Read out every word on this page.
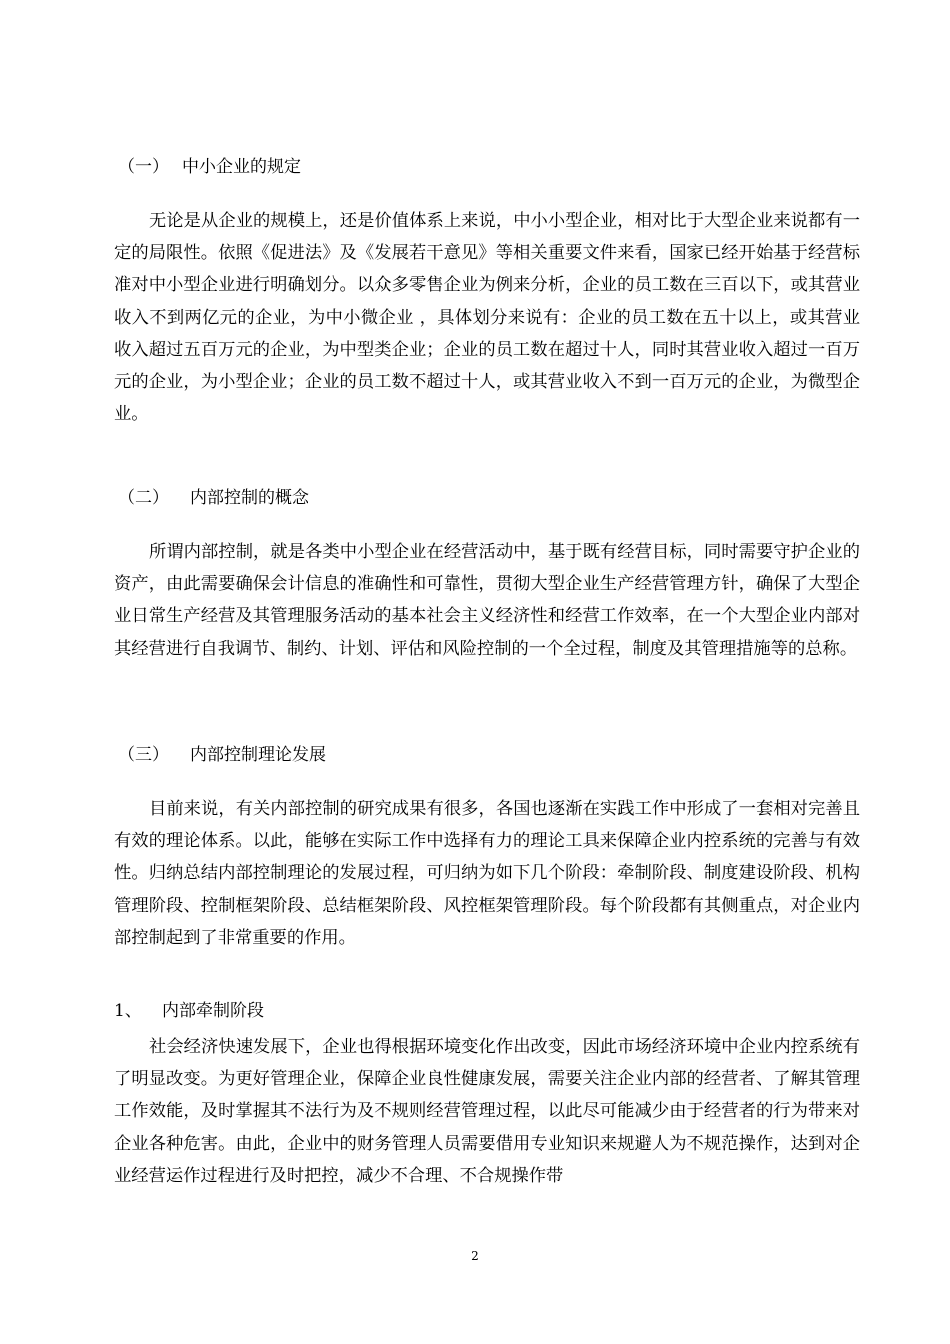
（一） 中小企业的规定
无论是从企业的规模上，还是价值体系上来说，中小小型企业，相对比于大型企业来说都有一定的局限性。依照《促进法》及《发展若干意见》等相关重要文件来看，国家已经开始基于经营标准对中小型企业进行明确划分。以众多零售企业为例来分析，企业的员工数在三百以下，或其营业收入不到两亿元的企业，为中小微企业 ，具体划分来说有：企业的员工数在五十以上，或其营业收入超过五百万元的企业，为中型类企业；企业的员工数在超过十人，同时其营业收入超过一百万元的企业，为小型企业；企业的员工数不超过十人，或其营业收入不到一百万元的企业，为微型企业。
（二） 内部控制的概念
所谓内部控制，就是各类中小型企业在经营活动中，基于既有经营目标，同时需要守护企业的资产，由此需要确保会计信息的准确性和可靠性，贯彻大型企业生产经营管理方针，确保了大型企业日常生产经营及其管理服务活动的基本社会主义经济性和经营工作效率，在一个大型企业内部对其经营进行自我调节、制约、计划、评估和风险控制的一个全过程，制度及其管理措施等的总称。
（三） 内部控制理论发展
目前来说，有关内部控制的研究成果有很多，各国也逐渐在实践工作中形成了一套相对完善且有效的理论体系。以此，能够在实际工作中选择有力的理论工具来保障企业内控系统的完善与有效性。归纳总结内部控制理论的发展过程，可归纳为如下几个阶段：牵制阶段、制度建设阶段、机构管理阶段、控制框架阶段、总结框架阶段、风控框架管理阶段。每个阶段都有其侧重点，对企业内部控制起到了非常重要的作用。
1、 内部牵制阶段
社会经济快速发展下，企业也得根据环境变化作出改变，因此市场经济环境中企业内控系统有了明显改变。为更好管理企业，保障企业良性健康发展，需要关注企业内部的经营者、了解其管理工作效能，及时掌握其不法行为及不规则经营管理过程，以此尽可能减少由于经营者的行为带来对企业各种危害。由此，企业中的财务管理人员需要借用专业知识来规避人为不规范操作，达到对企业经营运作过程进行及时把控，减少不合理、不合规操作带
2
